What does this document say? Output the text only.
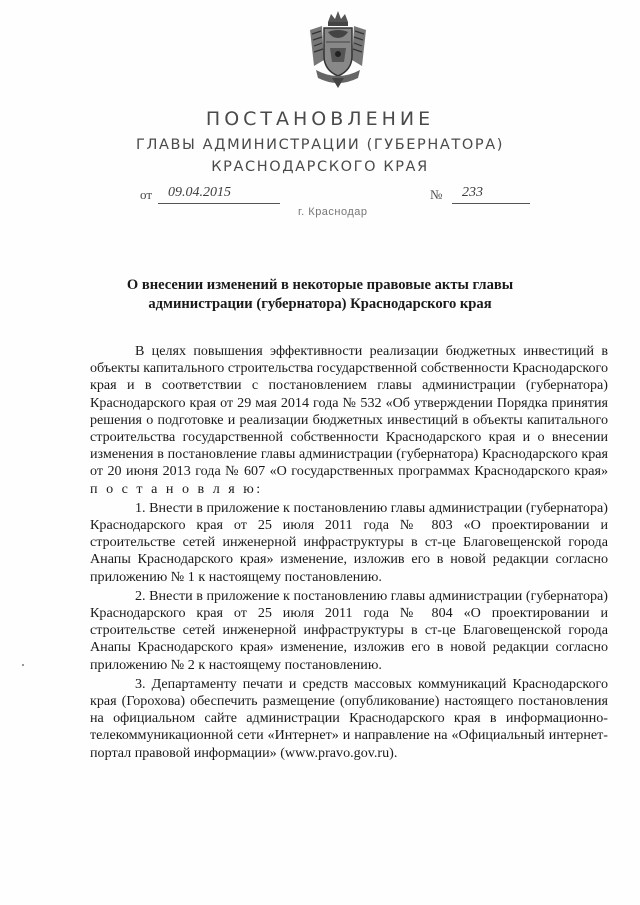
ПОСТАНОВЛЕНИЕ
ГЛАВЫ АДМИНИСТРАЦИИ (ГУБЕРНАТОРА)
КРАСНОДАРСКОГО КРАЯ
от 09.04.2015	№ 233
г. Краснодар
О внесении изменений в некоторые правовые акты главы администрации (губернатора) Краснодарского края

В целях повышения эффективности реализации бюджетных инвестиций в объекты капитального строительства государственной собственности Краснодарского края и в соответствии с постановлением главы администрации (губернатора) Краснодарского края от 29 мая 2014 года № 532 «Об утверждении Порядка принятия решения о подготовке и реализации бюджетных инвестиций в объекты капитального строительства государственной собственности Краснодарского края и о внесении изменения в постановление главы администрации (губернатора) Краснодарского края от 20 июня 2013 года № 607 «О государственных программах Краснодарского края» п о с т а н о в л я ю:

1. Внести в приложение к постановлению главы администрации (губернатора) Краснодарского края от 25 июля 2011 года № 803 «О проектировании и строительстве сетей инженерной инфраструктуры в ст-це Благовещенской города Анапы Краснодарского края» изменение, изложив его в новой редакции согласно приложению № 1 к настоящему постановлению.

2. Внести в приложение к постановлению главы администрации (губернатора) Краснодарского края от 25 июля 2011 года № 804 «О проектировании и строительстве сетей инженерной инфраструктуры в ст-це Благовещенской города Анапы Краснодарского края» изменение, изложив его в новой редакции согласно приложению № 2 к настоящему постановлению.

3. Департаменту печати и средств массовых коммуникаций Краснодарского края (Горохова) обеспечить размещение (опубликование) настоящего постановления на официальном сайте администрации Краснодарского края в информационно-телекоммуникационной сети «Интернет» и направление на «Официальный интернет-портал правовой информации» (www.pravo.gov.ru).
